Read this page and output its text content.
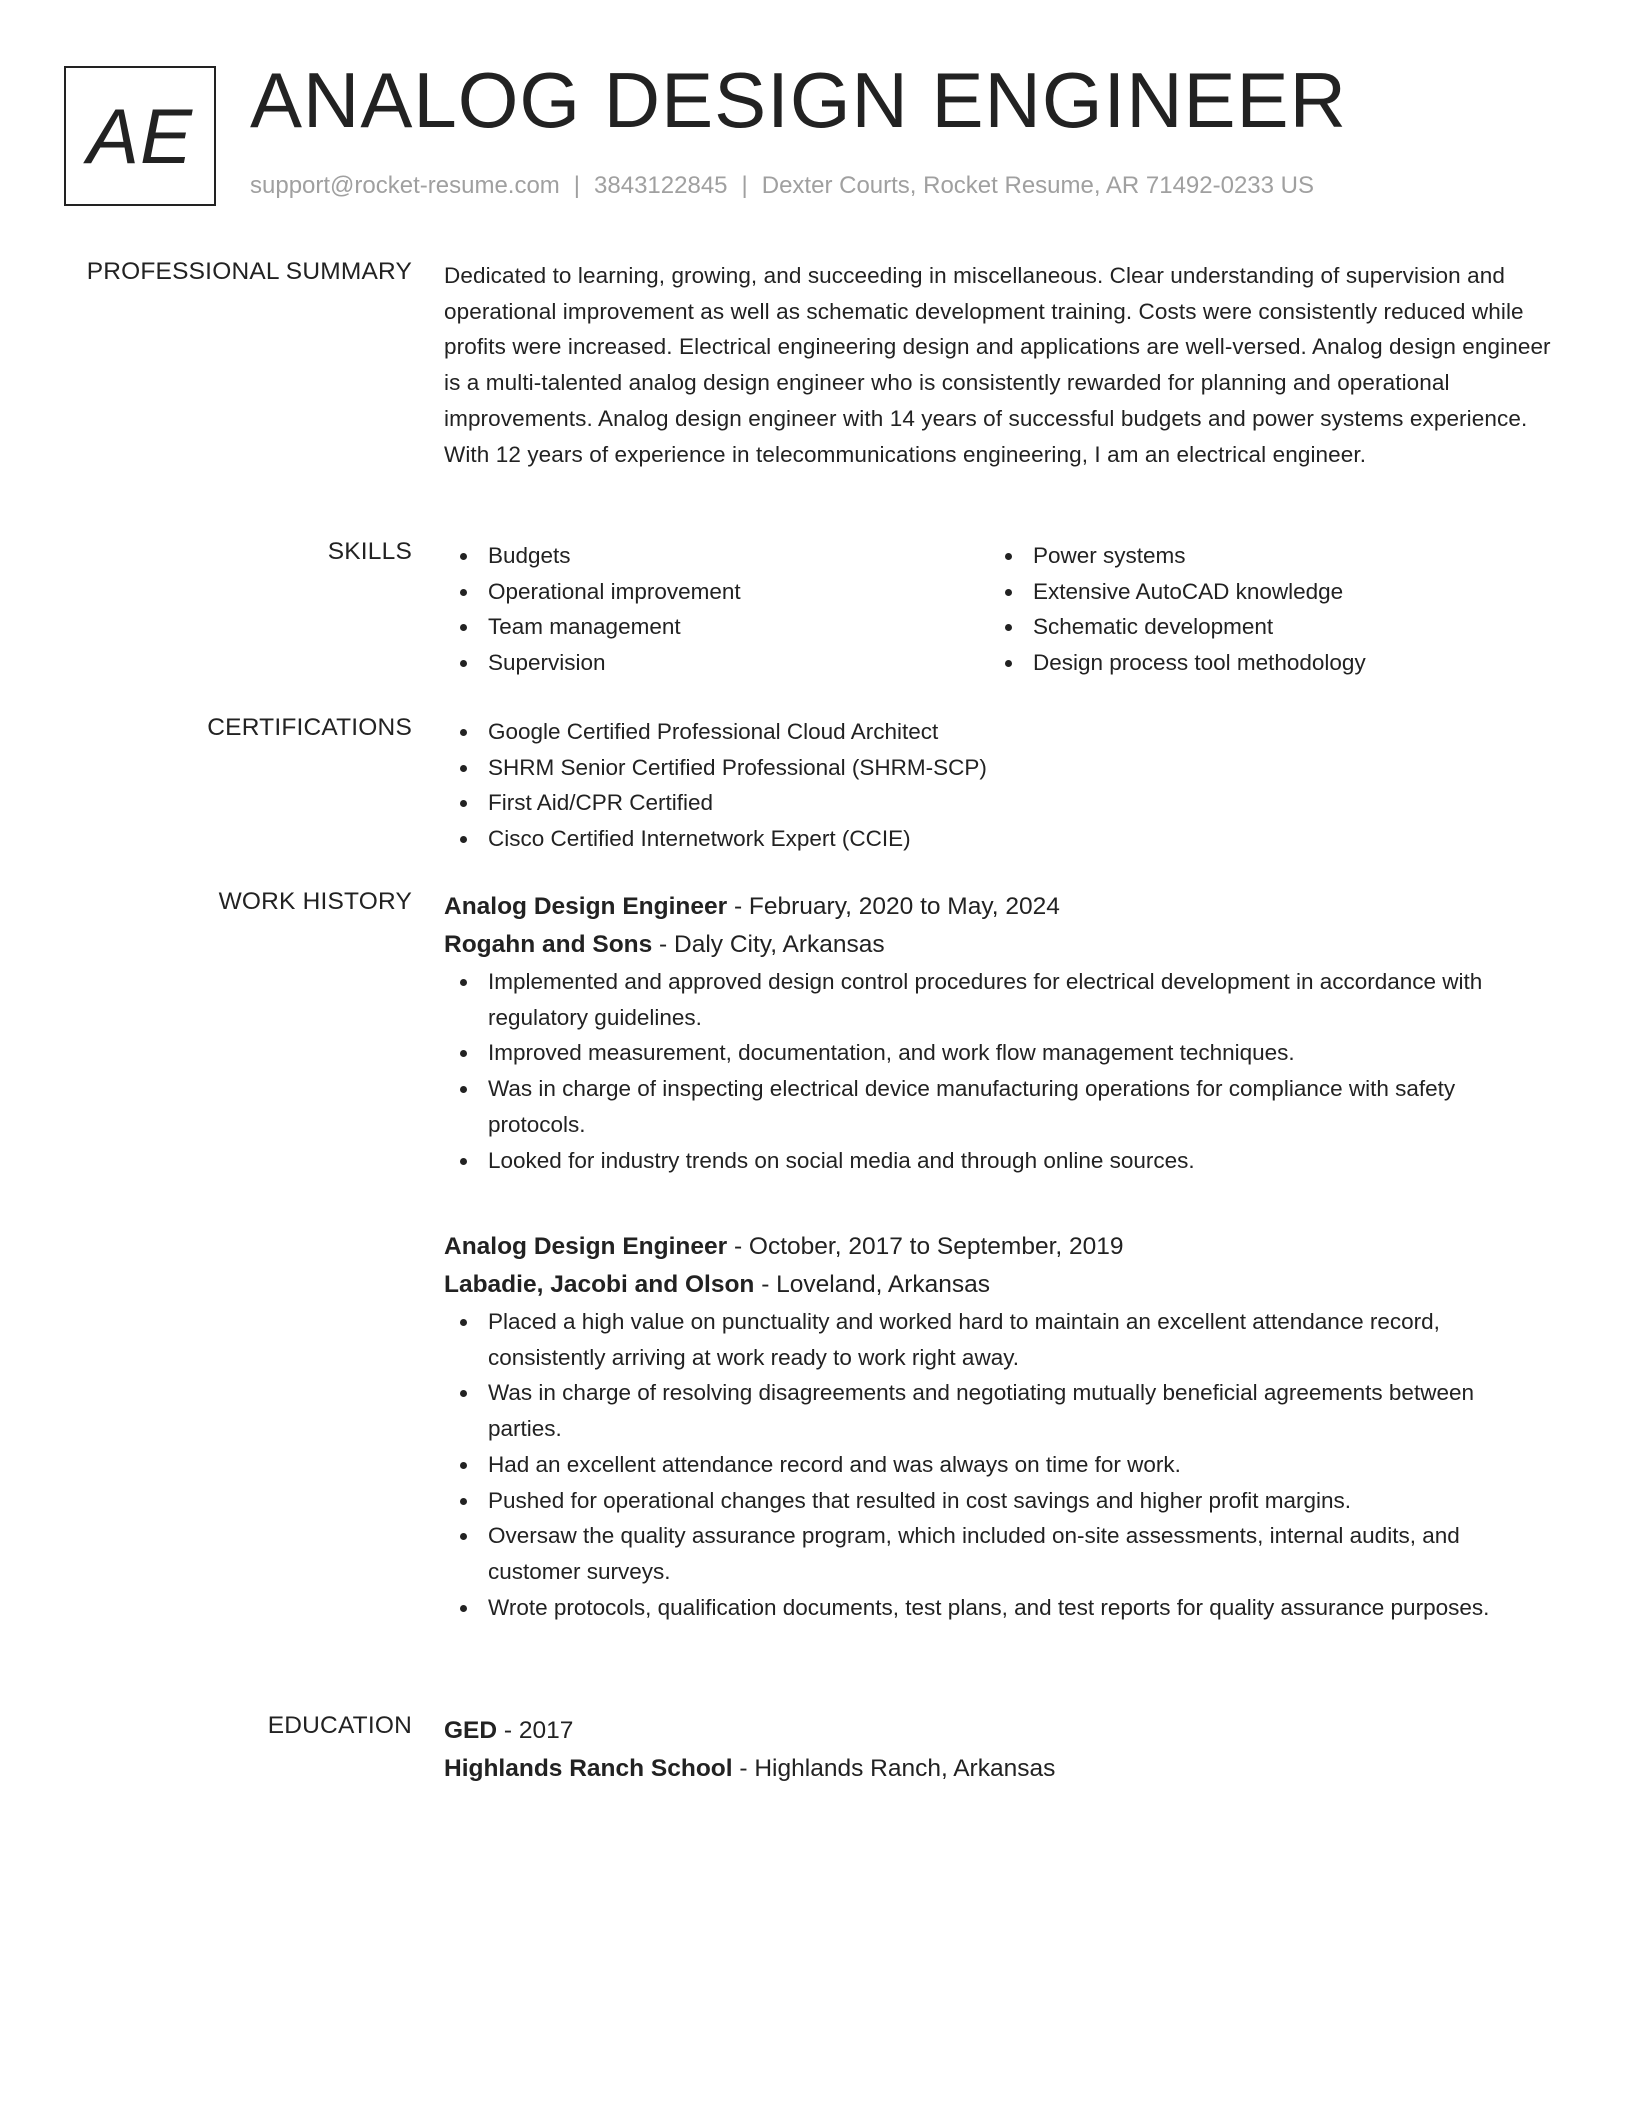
AE ANALOG DESIGN ENGINEER
support@rocket-resume.com | 3843122845 | Dexter Courts, Rocket Resume, AR 71492-0233 US
PROFESSIONAL SUMMARY Dedicated to learning, growing, and succeeding in miscellaneous. Clear understanding of supervision and operational improvement as well as schematic development training. Costs were consistently reduced while profits were increased. Electrical engineering design and applications are well-versed. Analog design engineer is a multi-talented analog design engineer who is consistently rewarded for planning and operational improvements. Analog design engineer with 14 years of successful budgets and power systems experience. With 12 years of experience in telecommunications engineering, I am an electrical engineer.

SKILLS	Budgets
Operational improvement
Team management
Supervision
Power systems
Extensive AutoCAD knowledge
Schematic development
Design process tool methodology
CERTIFICATIONS	Google Certified Professional Cloud Architect
SHRM Senior Certified Professional (SHRM-SCP)
First Aid/CPR Certified
Cisco Certified Internetwork Expert (CCIE)
WORK HISTORY Analog Design Engineer - February, 2020 to May, 2024
Rogahn and Sons - Daly City, Arkansas
Implemented and approved design control procedures for electrical development in accordance with regulatory guidelines.
Improved measurement, documentation, and work flow management techniques.
Was in charge of inspecting electrical device manufacturing operations for compliance with safety protocols.
Looked for industry trends on social media and through online sources.
Analog Design Engineer - October, 2017 to September, 2019
Labadie, Jacobi and Olson - Loveland, Arkansas
Placed a high value on punctuality and worked hard to maintain an excellent attendance record, consistently arriving at work ready to work right away.
Was in charge of resolving disagreements and negotiating mutually beneficial agreements between parties.
Had an excellent attendance record and was always on time for work.
Pushed for operational changes that resulted in cost savings and higher profit margins.
Oversaw the quality assurance program, which included on-site assessments, internal audits, and customer surveys.
Wrote protocols, qualification documents, test plans, and test reports for quality assurance purposes.
EDUCATION GED - 2017
Highlands Ranch School - Highlands Ranch, Arkansas
